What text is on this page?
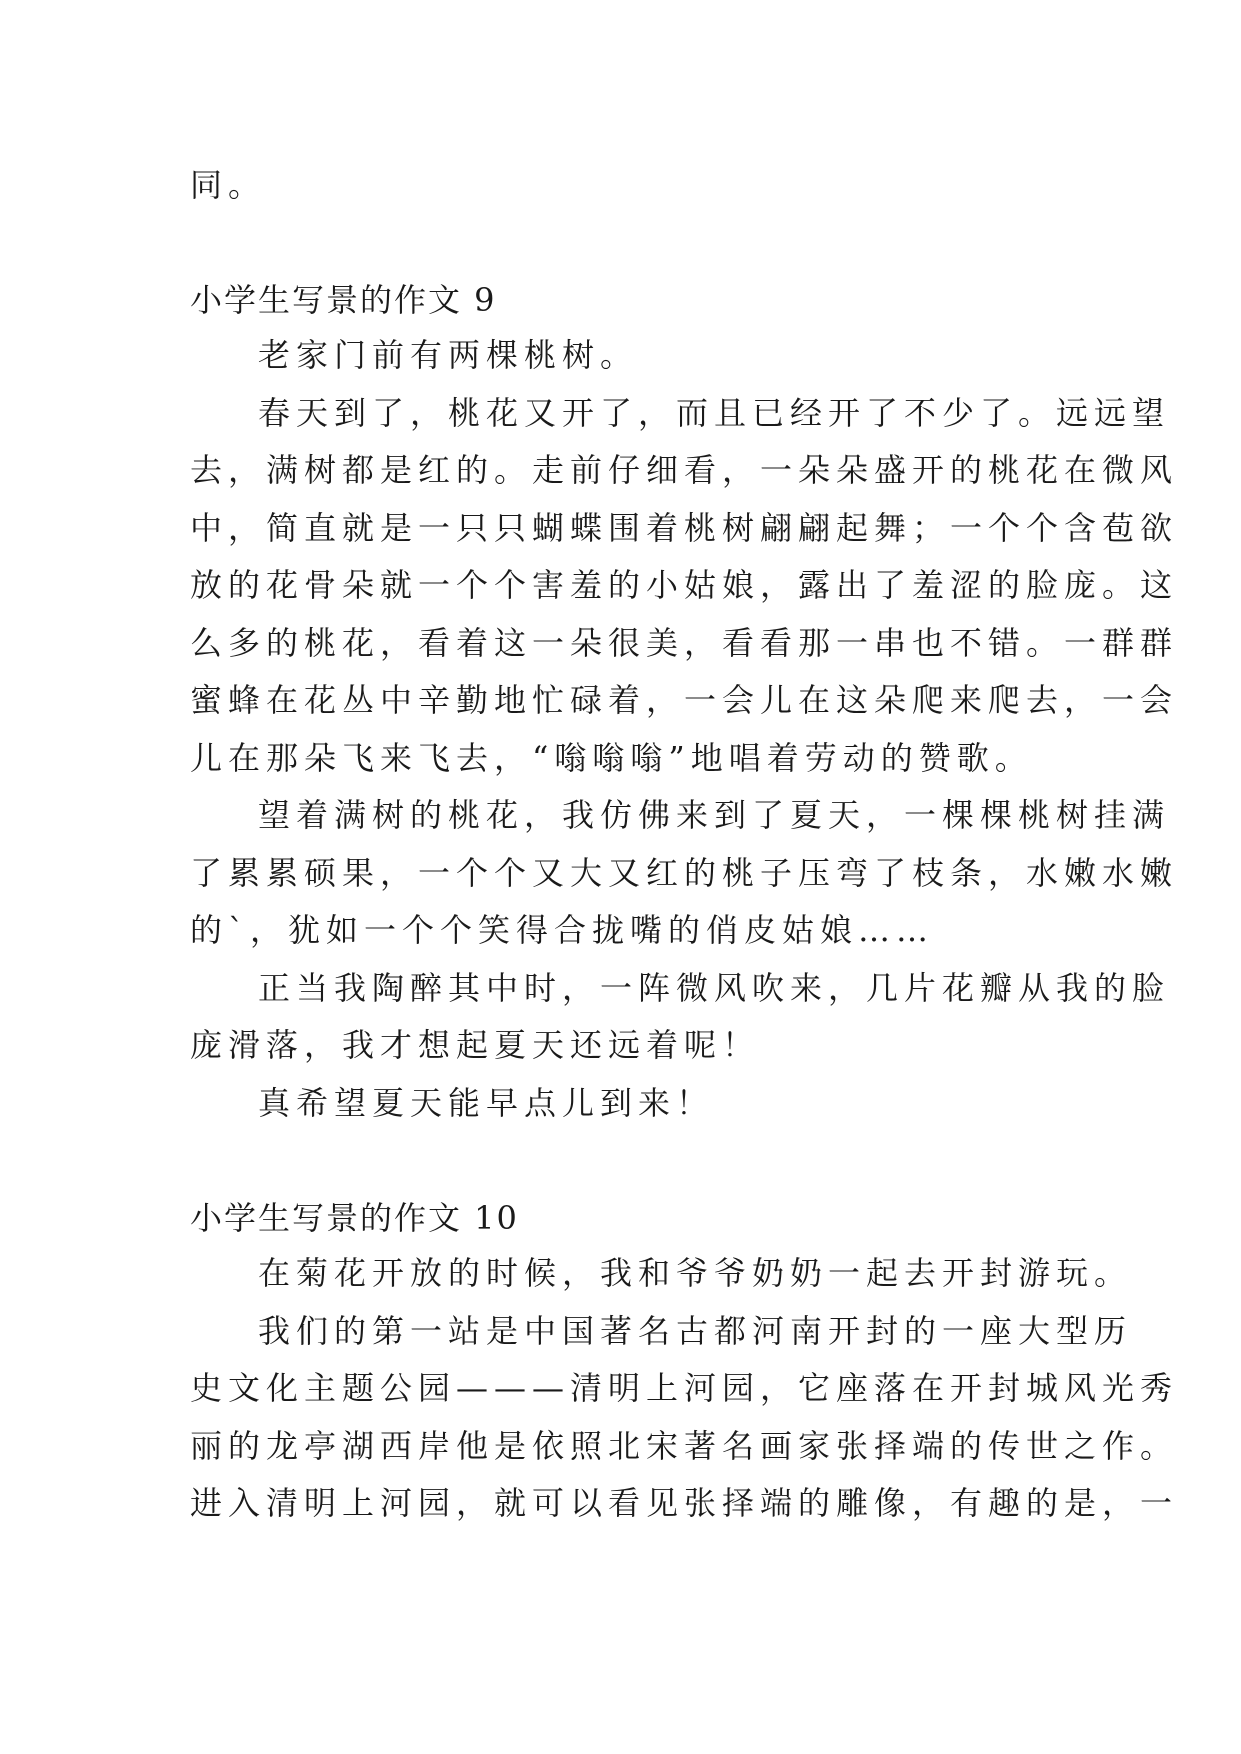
同。
小学生写景的作文 9
老家门前有两棵桃树。
春天到了，桃花又开了，而且已经开了不少了。远远望
去，满树都是红的。走前仔细看，一朵朵盛开的桃花在微风
中，简直就是一只只蝴蝶围着桃树翩翩起舞；一个个含苞欲
放的花骨朵就一个个害羞的小姑娘，露出了羞涩的脸庞。这
么多的桃花，看着这一朵很美，看看那一串也不错。一群群
蜜蜂在花丛中辛勤地忙碌着，一会儿在这朵爬来爬去，一会
儿在那朵飞来飞去，“嗡嗡嗡”地唱着劳动的赞歌。
望着满树的桃花，我仿佛来到了夏天，一棵棵桃树挂满
了累累硕果，一个个又大又红的桃子压弯了枝条，水嫩水嫩
的`，犹如一个个笑得合拢嘴的俏皮姑娘……
正当我陶醉其中时，一阵微风吹来，几片花瓣从我的脸
庞滑落，我才想起夏天还远着呢！
真希望夏天能早点儿到来！
小学生写景的作文 10
在菊花开放的时候，我和爷爷奶奶一起去开封游玩。
我们的第一站是中国著名古都河南开封的一座大型历
史文化主题公园———清明上河园，它座落在开封城风光秀
丽的龙亭湖西岸他是依照北宋著名画家张择端的传世之作。
进入清明上河园，就可以看见张择端的雕像，有趣的是，一
